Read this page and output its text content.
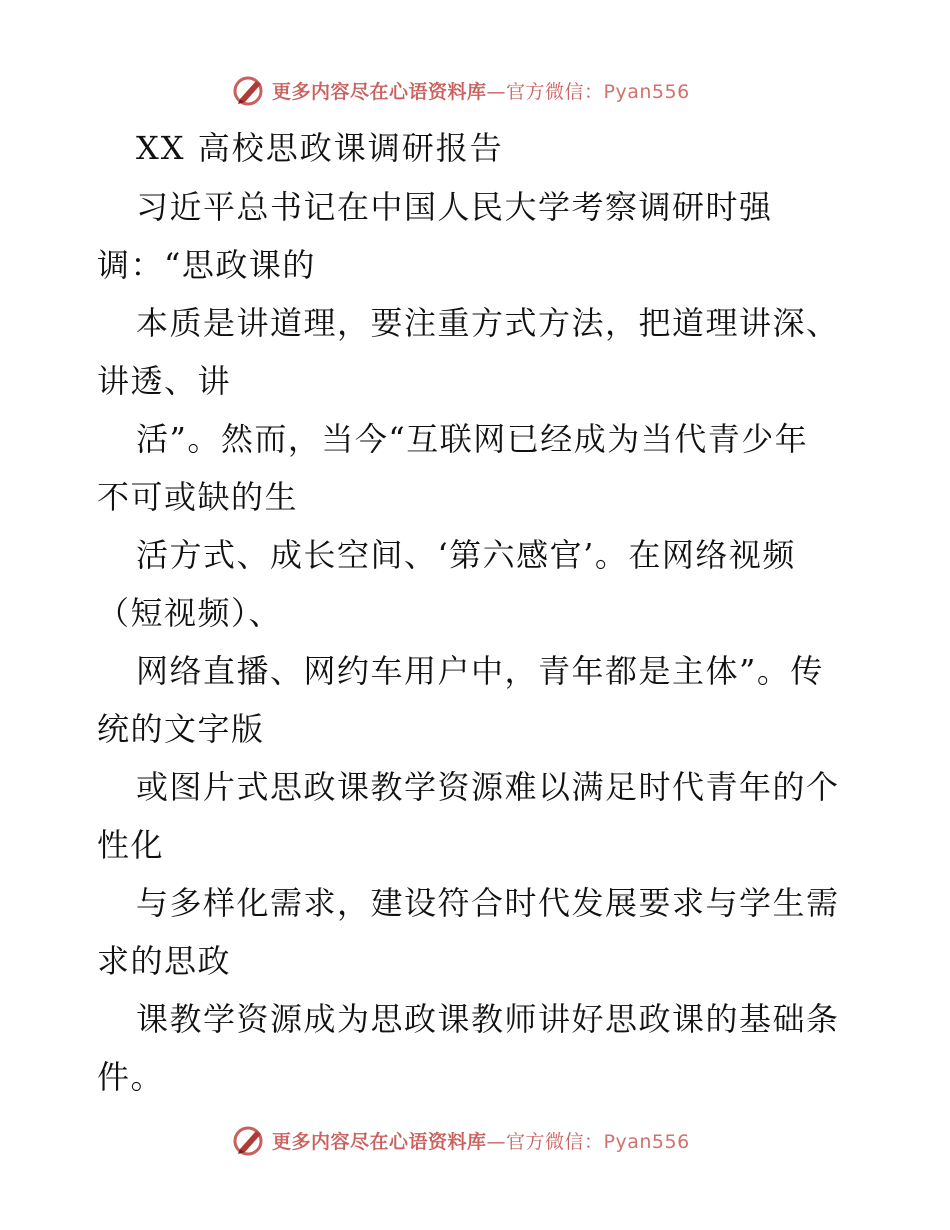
更多内容尽在心语资料库—官方微信：Pyan556
XX 高校思政课调研报告
习近平总书记在中国人民大学考察调研时强
调：“思政课的
本质是讲道理，要注重方式方法，把道理讲深、
讲透、讲
活”。然而，当今“互联网已经成为当代青少年
不可或缺的生
活方式、成长空间、‘第六感官’。在网络视频
（短视频）、
网络直播、网约车用户中，青年都是主体”。传
统的文字版
或图片式思政课教学资源难以满足时代青年的个
性化
与多样化需求，建设符合时代发展要求与学生需
求的思政
课教学资源成为思政课教师讲好思政课的基础条
件。
更多内容尽在心语资料库—官方微信：Pyan556
